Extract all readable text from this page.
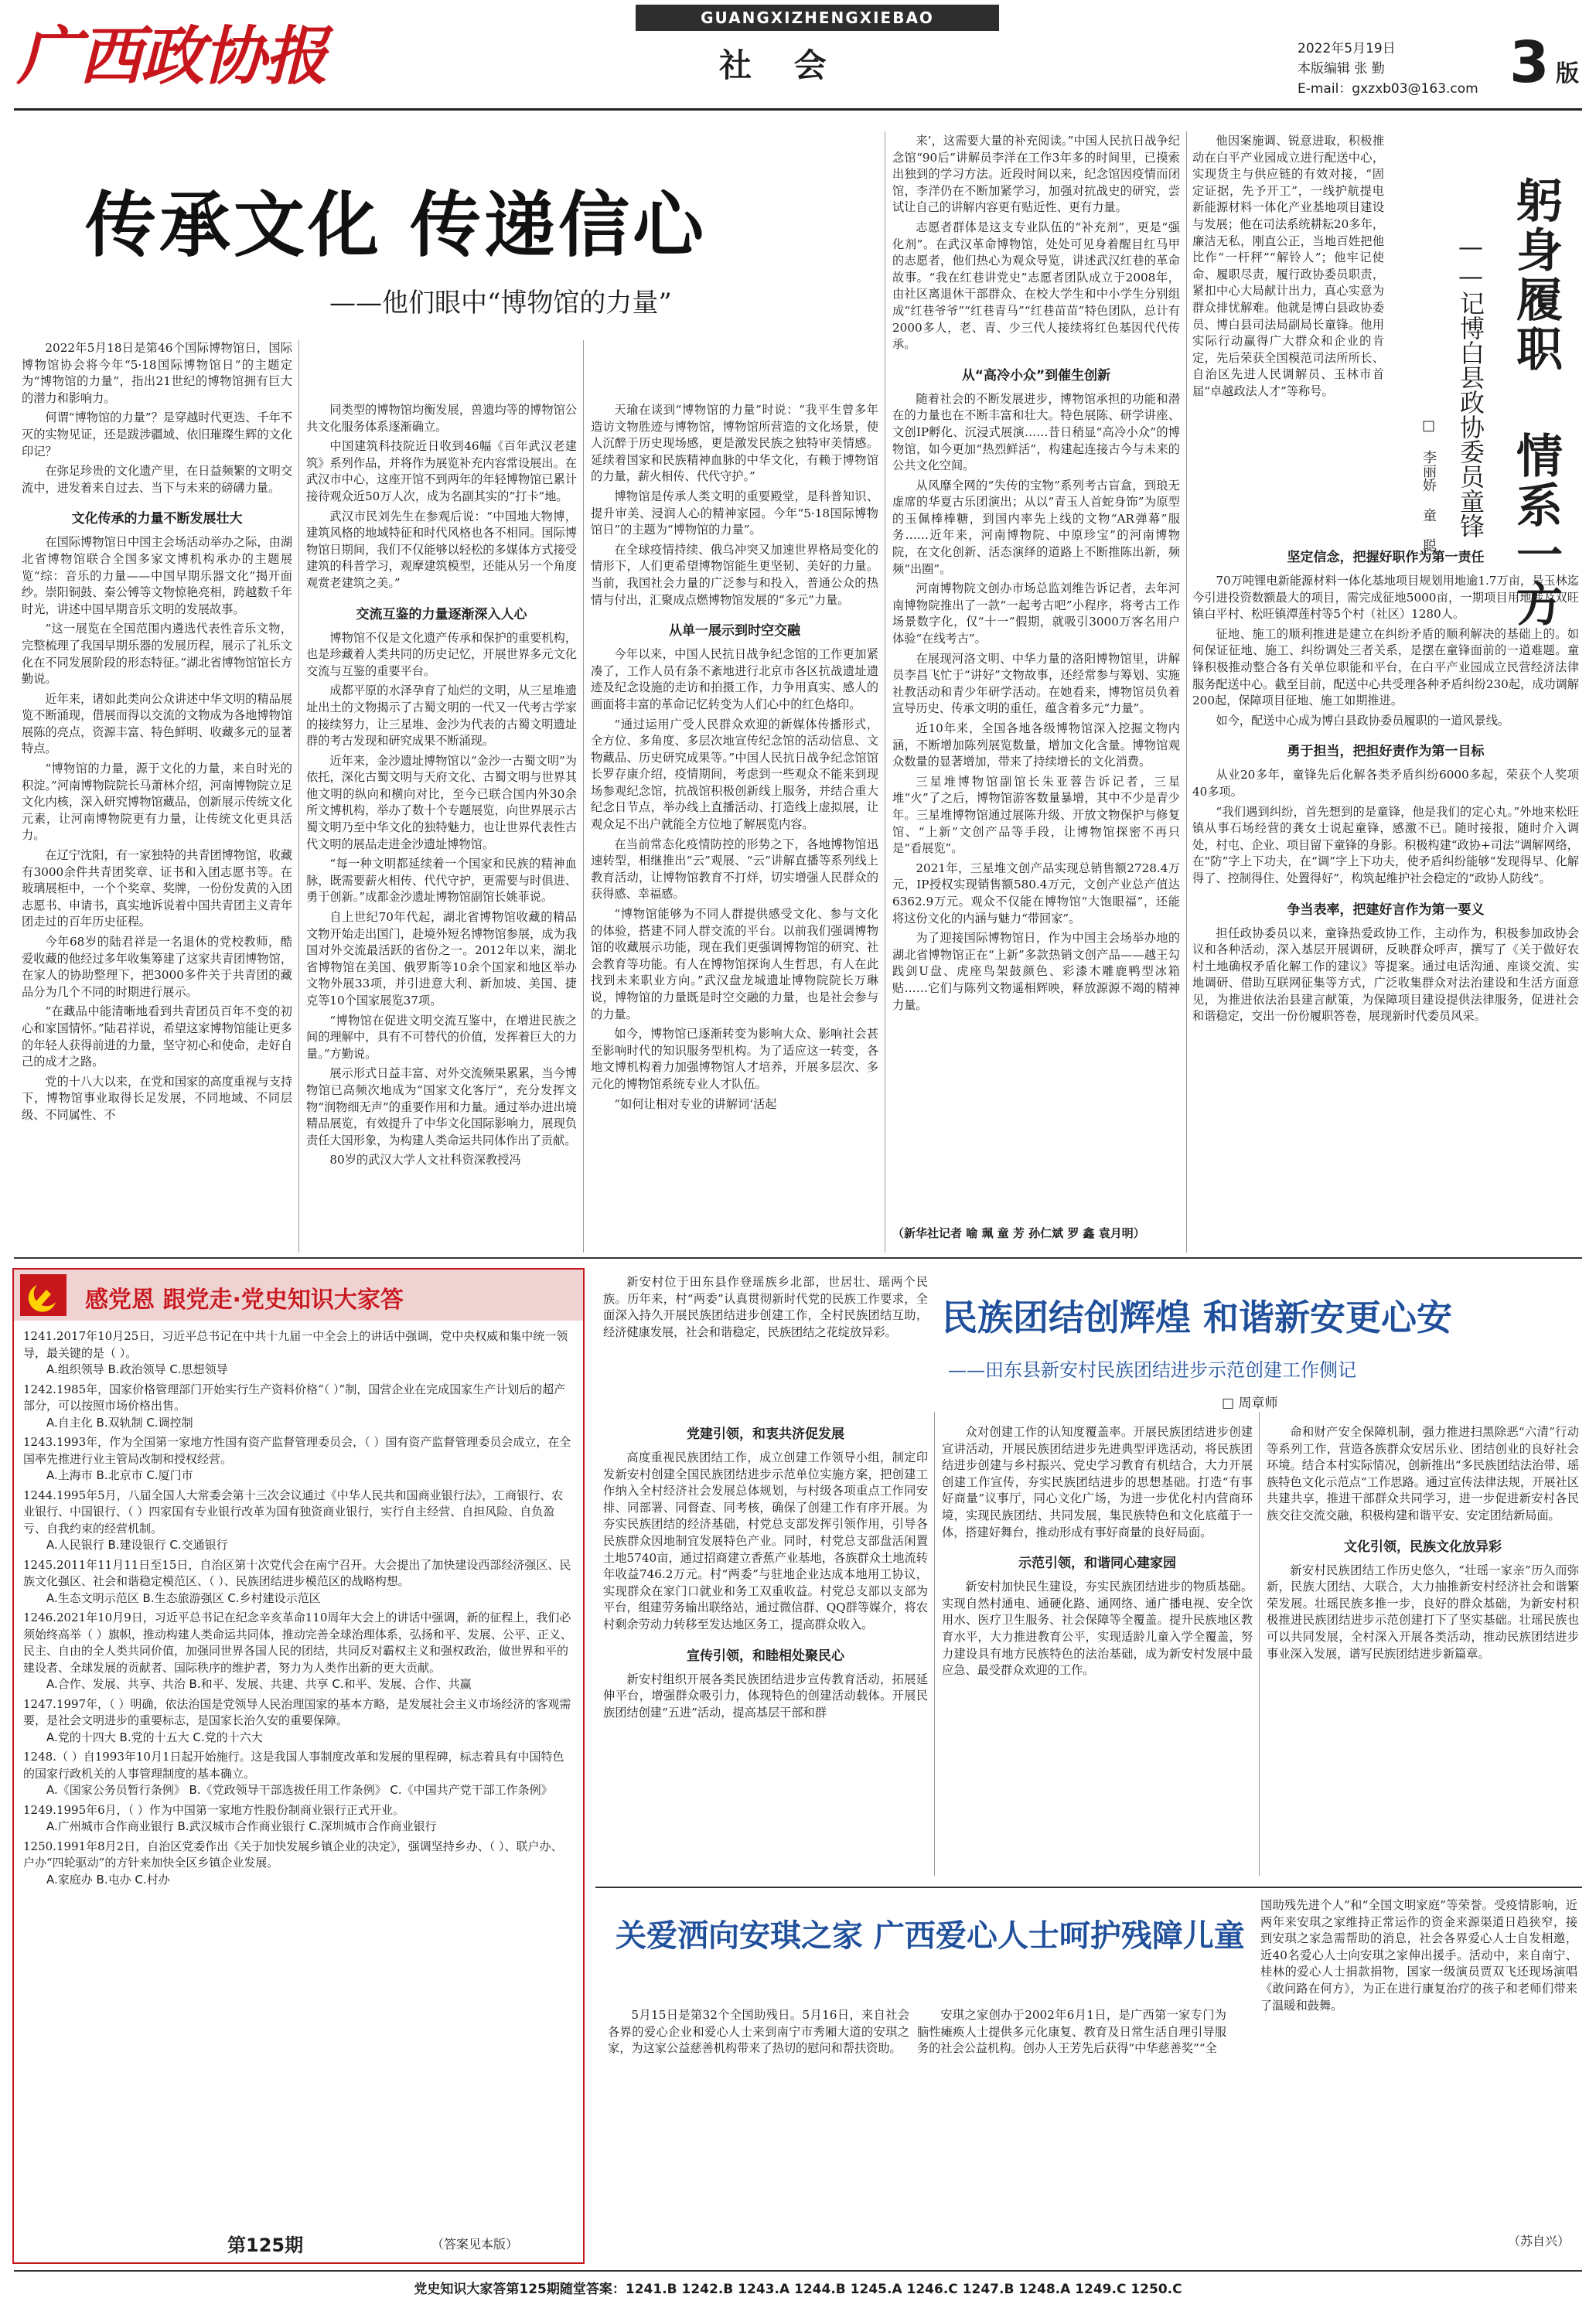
广西政协报
GUANGXIZHENGXIEBAO
社 会	2022年5月19日
本版编辑 张 勤
E-mail：gxzxb03@163.com 3 版
传承文化 传递信心
——他们眼中“博物馆的力量”

2022年5月18日是第46个国际博物馆日，国际博物馆协会将今年“5·18国际博物馆日”的主题定为“博物馆的力量”，指出21世纪的博物馆拥有巨大的潜力和影响力。

何谓“博物馆的力量”？是穿越时代更迭、千年不灭的实物见证，还是跋涉疆域、依旧璀璨生辉的文化印记？

在弥足珍贵的文化遗产里，在日益频繁的文明交流中，进发着来自过去、当下与未来的磅礴力量。

文化传承的力量不断发展壮大

在国际博物馆日中国主会场活动举办之际，由湖北省博物馆联合全国多家文博机构承办的主题展览“综：音乐的力量——中国早期乐器文化”揭开面纱。崇阳铜鼓、秦公镈等文物惊艳亮相，跨越数千年时光，讲述中国早期音乐文明的发展故事。

“这一展览在全国范围内遴选代表性音乐文物，完整梳理了我国早期乐器的发展历程，展示了礼乐文化在不同发展阶段的形态特征。”湖北省博物馆馆长方勤说。

近年来，诸如此类向公众讲述中华文明的精品展览不断涌现，借展而得以交流的文物成为各地博物馆展陈的亮点，资源丰富、特色鲜明、收藏多元的显著特点。

“博物馆的力量，源于文化的力量，来自时光的积淀。”河南博物院院长马萧林介绍，河南博物院立足文化内核，深入研究博物馆藏品，创新展示传统文化元素，让河南博物院更有力量，让传统文化更具活力。

在辽宁沈阳，有一家独特的共青团博物馆，收藏有3000余件共青团奖章、证书和入团志愿书等。在玻璃展柜中，一个个奖章、奖牌，一份份发黄的入团志愿书、申请书，真实地诉说着中国共青团主义青年团走过的百年历史征程。

今年68岁的陆君祥是一名退休的党校教师，酷爱收藏的他经过多年收集筹建了这家共青团博物馆，在家人的协助整理下，把3000多件关于共青团的藏品分为几个不同的时期进行展示。

“在藏品中能清晰地看到共青团员百年不变的初心和家国情怀。”陆君祥说，希望这家博物馆能让更多的年轻人获得前进的力量，坚守初心和使命，走好自己的成才之路。

党的十八大以来，在党和国家的高度重视与支持下，博物馆事业取得长足发展，不同地域、不同层级、不同属性、不

同类型的博物馆均衡发展，兽遗均等的博物馆公共文化服务体系逐渐确立。

中国建筑科技院近日收到46幅《百年武汉老建筑》系列作品，并将作为展览补充内容常设展出。在武汉市中心，这座开馆不到两年的年轻博物馆已累计接待观众近50万人次，成为名副其实的“打卡”地。

武汉市民刘先生在参观后说：“中国地大物博，建筑风格的地域特征和时代风格也各不相同。国际博物馆日期间，我们不仅能够以轻松的多媒体方式接受建筑的科普学习，观摩建筑模型，还能从另一个角度观赏老建筑之美。”

交流互鉴的力量逐渐深入人心

博物馆不仅是文化遗产传承和保护的重要机构，也是珍藏着人类共同的历史记忆，开展世界多元文化交流与互鉴的重要平台。

成都平原的水泽孕育了灿烂的文明，从三星堆遗址出土的文物揭示了古蜀文明的一代又一代考古学家的接续努力，让三星堆、金沙为代表的古蜀文明遗址群的考古发现和研究成果不断涌现。

近年来，金沙遗址博物馆以“金沙一古蜀文明”为依托，深化古蜀文明与天府文化、古蜀文明与世界其他文明的纵向和横向对比，至今已联合国内外30余所文博机构，举办了数十个专题展览，向世界展示古蜀文明乃至中华文化的独特魅力，也让世界代表性古代文明的展品走进金沙遗址博物馆。

“每一种文明都延续着一个国家和民族的精神血脉，既需要薪火相传、代代守护，更需要与时俱进、勇于创新。”成都金沙遗址博物馆副馆长姚菲说。

自上世纪70年代起，湖北省博物馆收藏的精品文物开始走出国门，赴境外短名博物馆参展，成为我国对外交流最活跃的省份之一。2012年以来，湖北省博物馆在美国、俄罗斯等10余个国家和地区举办文物外展33项，并引进意大利、新加坡、美国、捷克等10个国家展览37项。

“博物馆在促进文明交流互鉴中，在增进民族之间的理解中，具有不可替代的价值，发挥着巨大的力量。”方勤说。

展示形式日益丰富、对外交流频果累累，当今博物馆已高频次地成为“国家文化客厅”，充分发挥文物“润物细无声”的重要作用和力量。通过举办进出境精品展览，有效提升了中华文化国际影响力，展现负责任大国形象，为构建人类命运共同体作出了贡献。

80岁的武汉大学人文社科资深教授冯

天瑜在谈到“博物馆的力量”时说：“我平生曾多年造访文物胜迹与博物馆，博物馆所营造的文化场景，使人沉醉于历史现场感，更是激发民族之独特审美情感。延续着国家和民族精神血脉的中华文化，有赖于博物馆的力量，薪火相传、代代守护。”

博物馆是传承人类文明的重要殿堂，是科普知识、提升审美、浸润人心的精神家园。今年“5·18国际博物馆日”的主题为“博物馆的力量”。

在全球疫情持续、俄乌冲突又加速世界格局变化的情形下，人们更希望博物馆能生更坚韧、美好的力量。当前，我国社会力量的广泛参与和投入，普通公众的热情与付出，汇聚成点燃博物馆发展的“多元”力量。

从单一展示到时空交融

今年以来，中国人民抗日战争纪念馆的工作更加紧凑了，工作人员有条不紊地进行北京市各区抗战遗址遗迹及纪念设施的走访和拍摄工作，力争用真实、感人的画面将丰富的革命记忆转变为人们心中的红色烙印。

“通过运用广受人民群众欢迎的新媒体传播形式，全方位、多角度、多层次地宣传纪念馆的活动信息、文物藏品、历史研究成果等。”中国人民抗日战争纪念馆馆长罗存康介绍，疫情期间，考虑到一些观众不能来到现场参观纪念馆，抗战馆积极创新线上服务，并结合重大纪念日节点，举办线上直播活动、打造线上虚拟展，让观众足不出户就能全方位地了解展览内容。

在当前常态化疫情防控的形势之下，各地博物馆迅速转型，相继推出“云”观展、“云”讲解直播等系列线上教育活动，让博物馆教育不打烊，切实增强人民群众的获得感、幸福感。

“博物馆能够为不同人群提供感受文化、参与文化的体验，搭建不同人群交流的平台。以前我们强调博物馆的收藏展示功能，现在我们更强调博物馆的研究、社会教育等功能。有人在博物馆探询人生哲思，有人在此找到未来职业方向。”武汉盘龙城遗址博物院院长万琳说，博物馆的力量既是时空交融的力量，也是社会参与的力量。

如今，博物馆已逐渐转变为影响大众、影响社会甚至影响时代的知识服务型机构。为了适应这一转变，各地文博机构着力加强博物馆人才培养，开展多层次、多元化的博物馆系统专业人才队伍。

“如何让相对专业的讲解词‘活起

来’，这需要大量的补充阅读。”中国人民抗日战争纪念馆“90后”讲解员李洋在工作3年多的时间里，已摸索出独到的学习方法。近段时间以来，纪念馆因疫情而闭馆，李洋仍在不断加紧学习，加强对抗战史的研究，尝试让自己的讲解内容更有贴近性、更有力量。

志愿者群体是这支专业队伍的“补充剂”，更是“强化剂”。在武汉革命博物馆，处处可见身着醒目红马甲的志愿者，他们热心为观众导览，讲述武汉红巷的革命故事。“我在红巷讲党史”志愿者团队成立于2008年，由社区离退休干部群众、在校大学生和中小学生分别组成“红巷爷爷”“红巷青马”“红巷苗苗”特色团队，总计有2000多人，老、青、少三代人接续将红色基因代代传承。

从“高冷小众”到催生创新

随着社会的不断发展进步，博物馆承担的功能和潜在的力量也在不断丰富和壮大。特色展陈、研学讲座、文创IP孵化、沉浸式展演……昔日稍显“高冷小众”的博物馆，如今更加“热烈鲜活”，构建起连接古今与未来的公共文化空间。

从风靡全网的“失传的宝物”系列考古盲盒，到琅无虚席的华夏古乐团演出；从以“青玉人首蛇身饰”为原型的玉佩棒棒糖，到国内率先上线的文物“AR弹幕”服务……近年来，河南博物院、中原珍宝”的河南博物院，在文化创新、活态演绎的道路上不断推陈出新，频频“出圈”。

河南博物院文创办市场总监刘维告诉记者，去年河南博物院推出了一款“一起考古吧”小程序，将考古工作场景数字化，仅“十一”假期，就吸引3000万客名用户体验“在线考古”。

在展现河洛文明、中华力量的洛阳博物馆里，讲解员李昌飞忙于“讲好”文物故事，还经常参与筹划、实施社教活动和青少年研学活动。在她看来，博物馆员负着宣导历史、传承文明的重任，蕴含着多元“力量”。

近10年来，全国各地各级博物馆深入挖掘文物内涵，不断增加陈列展览数量，增加文化含量。博物馆观众数量的显著增加，带来了持续增长的文化消费。

三星堆博物馆副馆长朱亚蓉告诉记者，三星堆“火”了之后，博物馆游客数量暴增，其中不少是青少年。三星堆博物馆通过展陈升级、开放文物保护与修复馆、“上新”文创产品等手段，让博物馆探密不再只是“看展览”。

2021年，三星堆文创产品实现总销售额2728.4万元，IP授权实现销售额580.4万元，文创产业总产值达6362.9万元。观众不仅能在博物馆“大饱眼福”，还能将这份文化的内涵与魅力“带回家”。

为了迎接国际博物馆日，作为中国主会场举办地的湖北省博物馆正在“上新”多款热销文创产品——越王勾践剑U盘、虎座鸟架鼓颜色、彩漆木雕鹿鸭型冰箱贴……它们与陈列文物遥相辉映，释放源源不竭的精神力量。

（新华社记者 喻 珮 童 芳 孙仁斌 罗 鑫 袁月明）

他因案施调、锐意进取，积极推动在白平产业园成立进行配送中心，实现货主与供应链的有效对接，“固定证据，先予开工”，一线护航提电新能源材料一体化产业基地项目建设与发展；他在司法系统耕耘20多年，廉洁无私，刚直公正，当地百姓把他比作“一杆秤”“解铃人”；他牢记使命、履职尽责，履行政协委员职责，紧扣中心大局献计出力，真心实意为群众排忧解难。他就是博白县政协委员、博白县司法局副局长童锋。他用实际行动赢得广大群众和企业的肯定，先后荣获全国模范司法所所长、自治区先进人民调解员、玉林市首届“卓越政法人才”等称号。	躬身履职 情系一方
——记博白县政协委员童锋
□ 李丽娇 童 聪
坚定信念，把握好职作为第一责任

70万吨锂电新能源材料一体化基地项目规划用地逾1.7万亩，是玉林迄今引进投资数额最大的项目，需完成征地5000亩，一期项目用地涉及双旺镇白平村、松旺镇潭莲村等5个村（社区）1280人。

征地、施工的顺利推进是建立在纠纷矛盾的顺利解决的基础上的。如何保证征地、施工、纠纷调处三者关系，是摆在童锋面前的一道难题。童锋积极推动整合各有关单位职能和平台，在白平产业园成立民营经济法律服务配送中心。截至目前，配送中心共受理各种矛盾纠纷230起，成功调解200起，保障项目征地、施工如期推进。

如今，配送中心成为博白县政协委员履职的一道风景线。

勇于担当，把担好责作为第一目标

从业20多年，童锋先后化解各类矛盾纠纷6000多起，荣获个人奖项40多项。

“我们遇到纠纷，首先想到的是童锋，他是我们的定心丸。”外地来松旺镇从事石场经营的龚女士说起童锋，感激不已。随时接报，随时介入调处，村屯、企业、项目留下童锋的身影。积极构建“政协+司法”调解网络，在“防”字上下功夫，在“调”字上下功夫，使矛盾纠纷能够“发现得早、化解得了、控制得住、处置得好”，构筑起维护社会稳定的“政协人防线”。

争当表率，把建好言作为第一要义

担任政协委员以来，童锋热爱政协工作，主动作为，积极参加政协会议和各种活动，深入基层开展调研，反映群众呼声，撰写了《关于做好农村土地确权矛盾化解工作的建议》等提案。通过电话沟通、座谈交流、实地调研、借助互联网征集等方式，广泛收集群众对法治建设和生活方面意见，为推进依法治县建言献策，为保障项目建设提供法律服务，促进社会和谐稳定，交出一份份履职答卷，展现新时代委员风采。

感党恩 跟党走·党史知识大家答
1241.2017年10月25日，习近平总书记在中共十九届一中全会上的讲话中强调，党中央权威和集中统一领导，最关键的是（ ）。
A.组织领导 B.政治领导 C.思想领导
1242.1985年，国家价格管理部门开始实行生产资料价格“（ ）”制，国营企业在完成国家生产计划后的超产部分，可以按照市场价格出售。
A.自主化 B.双轨制 C.调控制
1243.1993年，作为全国第一家地方性国有资产监督管理委员会，（ ）国有资产监督管理委员会成立，在全国率先推进行业主管局改制和授权经营。
A.上海市 B.北京市 C.厦门市
1244.1995年5月，八届全国人大常委会第十三次会议通过《中华人民共和国商业银行法》，工商银行、农业银行、中国银行、（ ）四家国有专业银行改革为国有独资商业银行，实行自主经营、自担风险、自负盈亏、自我约束的经营机制。
A.人民银行 B.建设银行 C.交通银行
1245.2011年11月11日至15日，自治区第十次党代会在南宁召开。大会提出了加快建设西部经济强区、民族文化强区、社会和谐稳定模范区、（ ）、民族团结进步模范区的战略构想。
A.生态文明示范区 B.生态旅游强区 C.乡村建设示范区
1246.2021年10月9日，习近平总书记在纪念辛亥革命110周年大会上的讲话中强调，新的征程上，我们必须始终高举（ ）旗帜，推动构建人类命运共同体，推动完善全球治理体系，弘扬和平、发展、公平、正义、民主、自由的全人类共同价值，加强同世界各国人民的团结，共同反对霸权主义和强权政治，做世界和平的建设者、全球发展的贡献者、国际秩序的维护者，努力为人类作出新的更大贡献。
A.合作、发展、共享、共治 B.和平、发展、共建、共享 C.和平、发展、合作、共赢
1247.1997年，（ ）明确，依法治国是党领导人民治理国家的基本方略，是发展社会主义市场经济的客观需要，是社会文明进步的重要标志，是国家长治久安的重要保障。
A.党的十四大 B.党的十五大 C.党的十六大
1248.（ ）自1993年10月1日起开始施行。这是我国人事制度改革和发展的里程碑，标志着具有中国特色的国家行政机关的人事管理制度的基本确立。
A.《国家公务员暂行条例》 B.《党政领导干部选拔任用工作条例》 C.《中国共产党干部工作条例》
1249.1995年6月，（ ）作为中国第一家地方性股份制商业银行正式开业。
A.广州城市合作商业银行 B.武汉城市合作商业银行 C.深圳城市合作商业银行
1250.1991年8月2日，自治区党委作出《关于加快发展乡镇企业的决定》，强调坚持乡办、（ ）、联户办、户办“四轮驱动”的方针来加快全区乡镇企业发展。
A.家庭办 B.屯办 C.村办
第125期	（答案见本版）
新安村位于田东县作登瑶族乡北部，世居壮、瑶两个民族。历年来，村“两委”认真贯彻新时代党的民族工作要求，全面深入持久开展民族团结进步创建工作，全村民族团结互助，经济健康发展，社会和谐稳定，民族团结之花绽放异彩。	民族团结创辉煌 和谐新安更心安
——田东县新安村民族团结进步示范创建工作侧记
□ 周章师
党建引领，和衷共济促发展

高度重视民族团结工作，成立创建工作领导小组，制定印发新安村创建全国民族团结进步示范单位实施方案，把创建工作纳入全村经济社会发展总体规划，与村级各项重点工作同安排、同部署、同督查、同考核，确保了创建工作有序开展。为夯实民族团结的经济基础，村党总支部发挥引领作用，引导各民族群众因地制宜发展特色产业。同时，村党总支部盘活闲置土地5740亩，通过招商建立香蕉产业基地，各族群众土地流转年收益746.2万元。村“两委”与驻地企业达成本地用工协议，实现群众在家门口就业和务工双重收益。村党总支部以支部为平台，组建劳务输出联络站，通过微信群、QQ群等媒介，将农村剩余劳动力转移至发达地区务工，提高群众收入。

宣传引领，和睦相处聚民心

新安村组织开展各类民族团结进步宣传教育活动，拓展延伸平台，增强群众吸引力，体现特色的创建活动载体。开展民族团结创建“五进”活动，提高基层干部和群

众对创建工作的认知度覆盖率。开展民族团结进步创建宣讲活动，开展民族团结进步先进典型评选活动，将民族团结进步创建与乡村振兴、党史学习教育有机结合，大力开展创建工作宣传，夯实民族团结进步的思想基础。打造“有事好商量”议事厅，同心文化广场，为进一步优化村内营商环境，实现民族团结、共同发展，集民族特色和文化底蕴于一体，搭建好舞台，推动形成有事好商量的良好局面。

示范引领，和谐同心建家园

新安村加快民生建设，夯实民族团结进步的物质基础。实现自然村通电、通硬化路、通网络、通广播电视、安全饮用水、医疗卫生服务、社会保障等全覆盖。提升民族地区教育水平，大力推进教育公平，实现适龄儿童入学全覆盖，努力建设具有地方民族特色的法治基础，成为新安村发展中最应急、最受群众欢迎的工作。

命和财产安全保障机制，强力推进扫黑除恶“六清”行动等系列工作，营造各族群众安居乐业、团结创业的良好社会环境。结合本村实际情况，创新推出“多民族团结法治带、瑶族特色文化示范点”工作思路。通过宣传法律法规，开展社区共建共享，推进干部群众共同学习，进一步促进新安村各民族交往交流交融，积极构建和谐平安、安定团结新局面。

文化引领，民族文化放异彩

新安村民族团结工作历史悠久，“壮瑶一家亲”历久而弥新，民族大团结、大联合，大力抽推新安村经济社会和谐繁荣发展。壮瑶民族多推一步，良好的群众基础，为新安村积极推进民族团结进步示范创建打下了坚实基础。壮瑶民族也可以共同发展，全村深入开展各类活动，推动民族团结进步事业深入发展，谱写民族团结进步新篇章。

关爱洒向安琪之家 广西爱心人士呵护残障儿童

5月15日是第32个全国助残日。5月16日，来自社会各界的爱心企业和爱心人士来到南宁市秀厢大道的安琪之家，为这家公益慈善机构带来了热切的慰问和帮扶资助。

安琪之家创办于2002年6月1日，是广西第一家专门为脑性瘫痪人士提供多元化康复、教育及日常生活自理引导服务的社会公益机构。创办人王芳先后获得“中华慈善奖”“全

国助残先进个人”和“全国文明家庭”等荣誉。受疫情影响，近两年来安琪之家维持正常运作的资金来源渠道日趋狭窄，接到安琪之家急需帮助的消息，社会各界爱心人士自发相邀，近40名爱心人士向安琪之家伸出援手。活动中，来自南宁、桂林的爱心人士捐款捐物，国家一级演员贾双飞还现场演唱《敢问路在何方》，为正在进行康复治疗的孩子和老师们带来了温暖和鼓舞。

（苏自兴）
党史知识大家答第125期随堂答案：1241.B 1242.B 1243.A 1244.B 1245.A 1246.C 1247.B 1248.A 1249.C 1250.C
